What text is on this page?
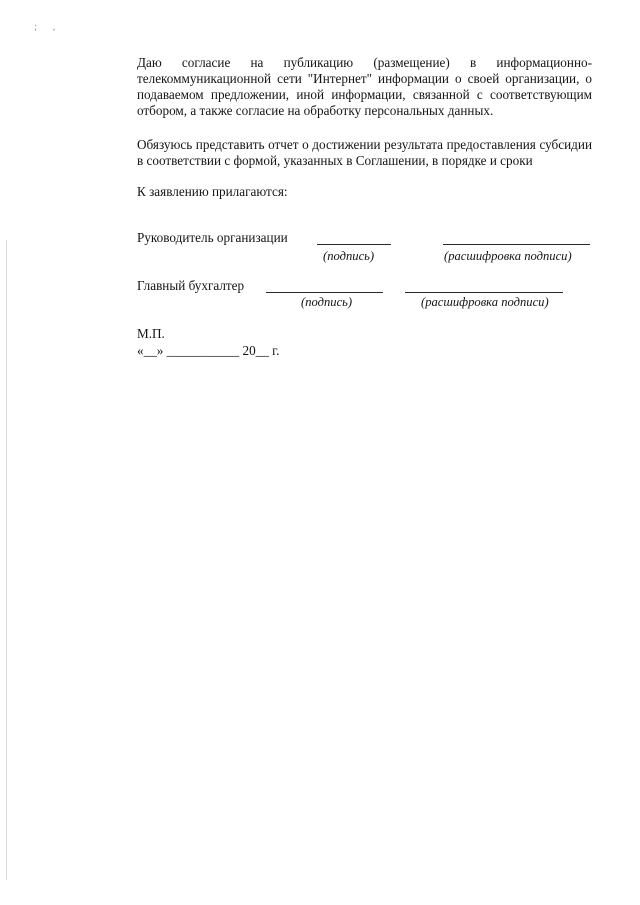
; ,

Даю согласие на публикацию (размещение) в информационно-телекоммуникационной сети "Интернет" информации о своей организации, о подаваемом предложении, иной информации, связанной с соответствующим отбором, а также согласие на обработку персональных данных.

Обязуюсь представить отчет о достижении результата предоставления субсидии в соответствии с формой, указанных в Соглашении, в порядке и сроки

К заявлению прилагаются:
Руководитель организации
(подпись)	(расшифровка подписи)
Главный бухгалтер
(подпись)	(расшифровка подписи)
М.П.
«__» ___________ 20__ г.
